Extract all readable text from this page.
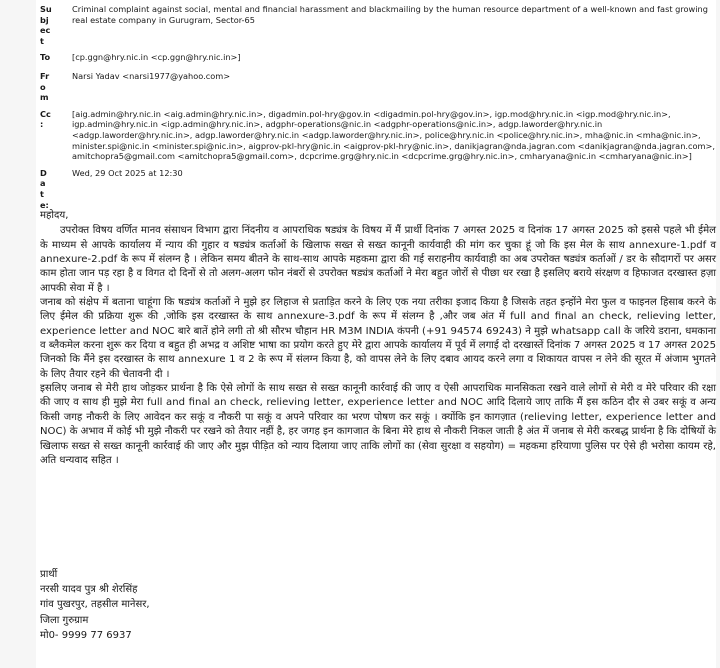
Su bj ec t	Criminal complaint against social, mental and financial harassment and blackmailing by the human resource department of a well-known and fast growing real estate company in Gurugram, Sector-65
To	[cp.ggn@hry.nic.in <cp.ggn@hry.nic.in>]

Fr o m	Narsi Yadav <narsi1977@yahoo.com>

Cc :	[aig.admin@hry.nic.in <aig.admin@hry.nic.in>, digadmin.pol-hry@gov.in <digadmin.pol-hry@gov.in>, igp.mod@hry.nic.in <igp.mod@hry.nic.in>, igp.admin@hry.nic.in <igp.admin@hry.nic.in>, adgphr-operations@nic.in <adgphr-operations@nic.in>, adgp.laworder@hry.nic.in <adgp.laworder@hry.nic.in>, adgp.laworder@hry.nic.in <adgp.laworder@hry.nic.in>, police@hry.nic.in <police@hry.nic.in>, mha@nic.in <mha@nic.in>, minister.spi@nic.in <minister.spi@nic.in>, aigprov-pkl-hry@nic.in <aigprov-pkl-hry@nic.in>, danikjagran@nda.jagran.com <danikjagran@nda.jagran.com>, amitchopra5@gmail.com <amitchopra5@gmail.com>, dcpcrime.grg@hry.nic.in <dcpcrime.grg@hry.nic.in>, cmharyana@nic.in <cmharyana@nic.in>]

Da te:	Wed, 29 Oct 2025 at 12:30

महोदय,

उपरोक्त विषय वर्णित मानव संसाधन विभाग द्वारा निंदनीय व आपराधिक षड्यंत्र के विषय में मैं प्रार्थी दिनांक 7 अगस्त 2025 व दिनांक 17 अगस्त 2025 को इससे पहले भी ईमेल के माध्यम से आपके कार्यालय में न्याय की गुहार व षड्यंत्र कर्ताओं के खिलाफ सख्त से सख्त कानूनी कार्यवाही की मांग कर चुका हूं जो कि इस मेल के साथ annexure-1.pdf व annexure-2.pdf के रूप में संलग्न है । लेकिन समय बीतने के साथ-साथ आपके महकमा द्वारा की गई सराहनीय कार्यवाही का अब उपरोक्त षड्यंत्र कर्ताओं / डर के सौदागरों पर असर काम होता जान पड़ रहा है व विगत दो दिनों से तो अलग-अलग फोन नंबरों से उपरोक्त षड्यंत्र कर्ताओं ने मेरा बहुत जोरों से पीछा धर रखा है इसलिए बराये संरक्षण व हिफाजत दरखास्त हज़ा आपकी सेवा में है ।

जनाब को संक्षेप में बताना चाहूंगा कि षड्यंत्र कर्ताओं ने मुझे हर लिहाज से प्रताड़ित करने के लिए एक नया तरीका इजाद किया है जिसके तहत इन्होंने मेरा फुल व फाइनल हिसाब करने के लिए ईमेल की प्रक्रिया शुरू की ,जोकि इस दरखास्त के साथ annexure-3.pdf के रूप में संलग्न है ,और जब अंत में full and final an check, relieving letter, experience letter and NOC बारे बातें होने लगी तो श्री सौरभ चौहान HR M3M INDIA कंपनी (+91 94574 69243) ने मुझे whatsapp call के जरिये डराना, धमकाना व ब्लैकमेल करना शुरू कर दिया व बहुत ही अभद्र व अशिष्ट भाषा का प्रयोग करते हुए मेरे द्वारा आपके कार्यालय में पूर्व में लगाई दो दरखास्तें दिनांक 7 अगस्त 2025 व 17 अगस्त 2025 जिनको कि मैंने इस दरखास्त के साथ annexure 1 व 2 के रूप में संलग्न किया है, को वापस लेने के लिए दबाव आयद करने लगा व शिकायत वापस न लेने की सूरत में अंजाम भुगतने के लिए तैयार रहने की चेतावनी दी ।

इसलिए जनाब से मेरी हाथ जोड़कर प्रार्थना है कि ऐसे लोगों के साथ सख्त से सख्त कानूनी कार्रवाई की जाए व ऐसी आपराधिक मानसिकता रखने वाले लोगों से मेरी व मेरे परिवार की रक्षा की जाए व साथ ही मुझे मेरा full and final an check, relieving letter, experience letter and NOC आदि दिलाये जाए ताकि मैं इस कठिन दौर से उबर सकूं व अन्य किसी जगह नौकरी के लिए आवेदन कर सकूं व नौकरी पा सकूं व अपने परिवार का भरण पोषण कर सकूं । क्योंकि इन कागज़ात (relieving letter, experience letter and NOC) के अभाव में कोई भी मुझे नौकरी पर रखने को तैयार नहीं है, हर जगह इन कागजात के बिना मेरे हाथ से नौकरी निकल जाती है अंत में जनाब से मेरी करबद्ध प्रार्थना है कि दोषियों के खिलाफ सख्त से सख्त कानूनी कार्रवाई की जाए और मुझ पीड़ित को न्याय दिलाया जाए ताकि लोगों का (सेवा सुरक्षा व सहयोग) = महकमा हरियाणा पुलिस पर ऐसे ही भरोसा कायम रहे, अति धन्यवाद सहित ।

प्रार्थी
नरसी यादव पुत्र श्री शेरसिंह
गांव पुखरपुर, तहसील मानेसर,
जिला गुरुग्राम
मो0- 9999 77 6937
